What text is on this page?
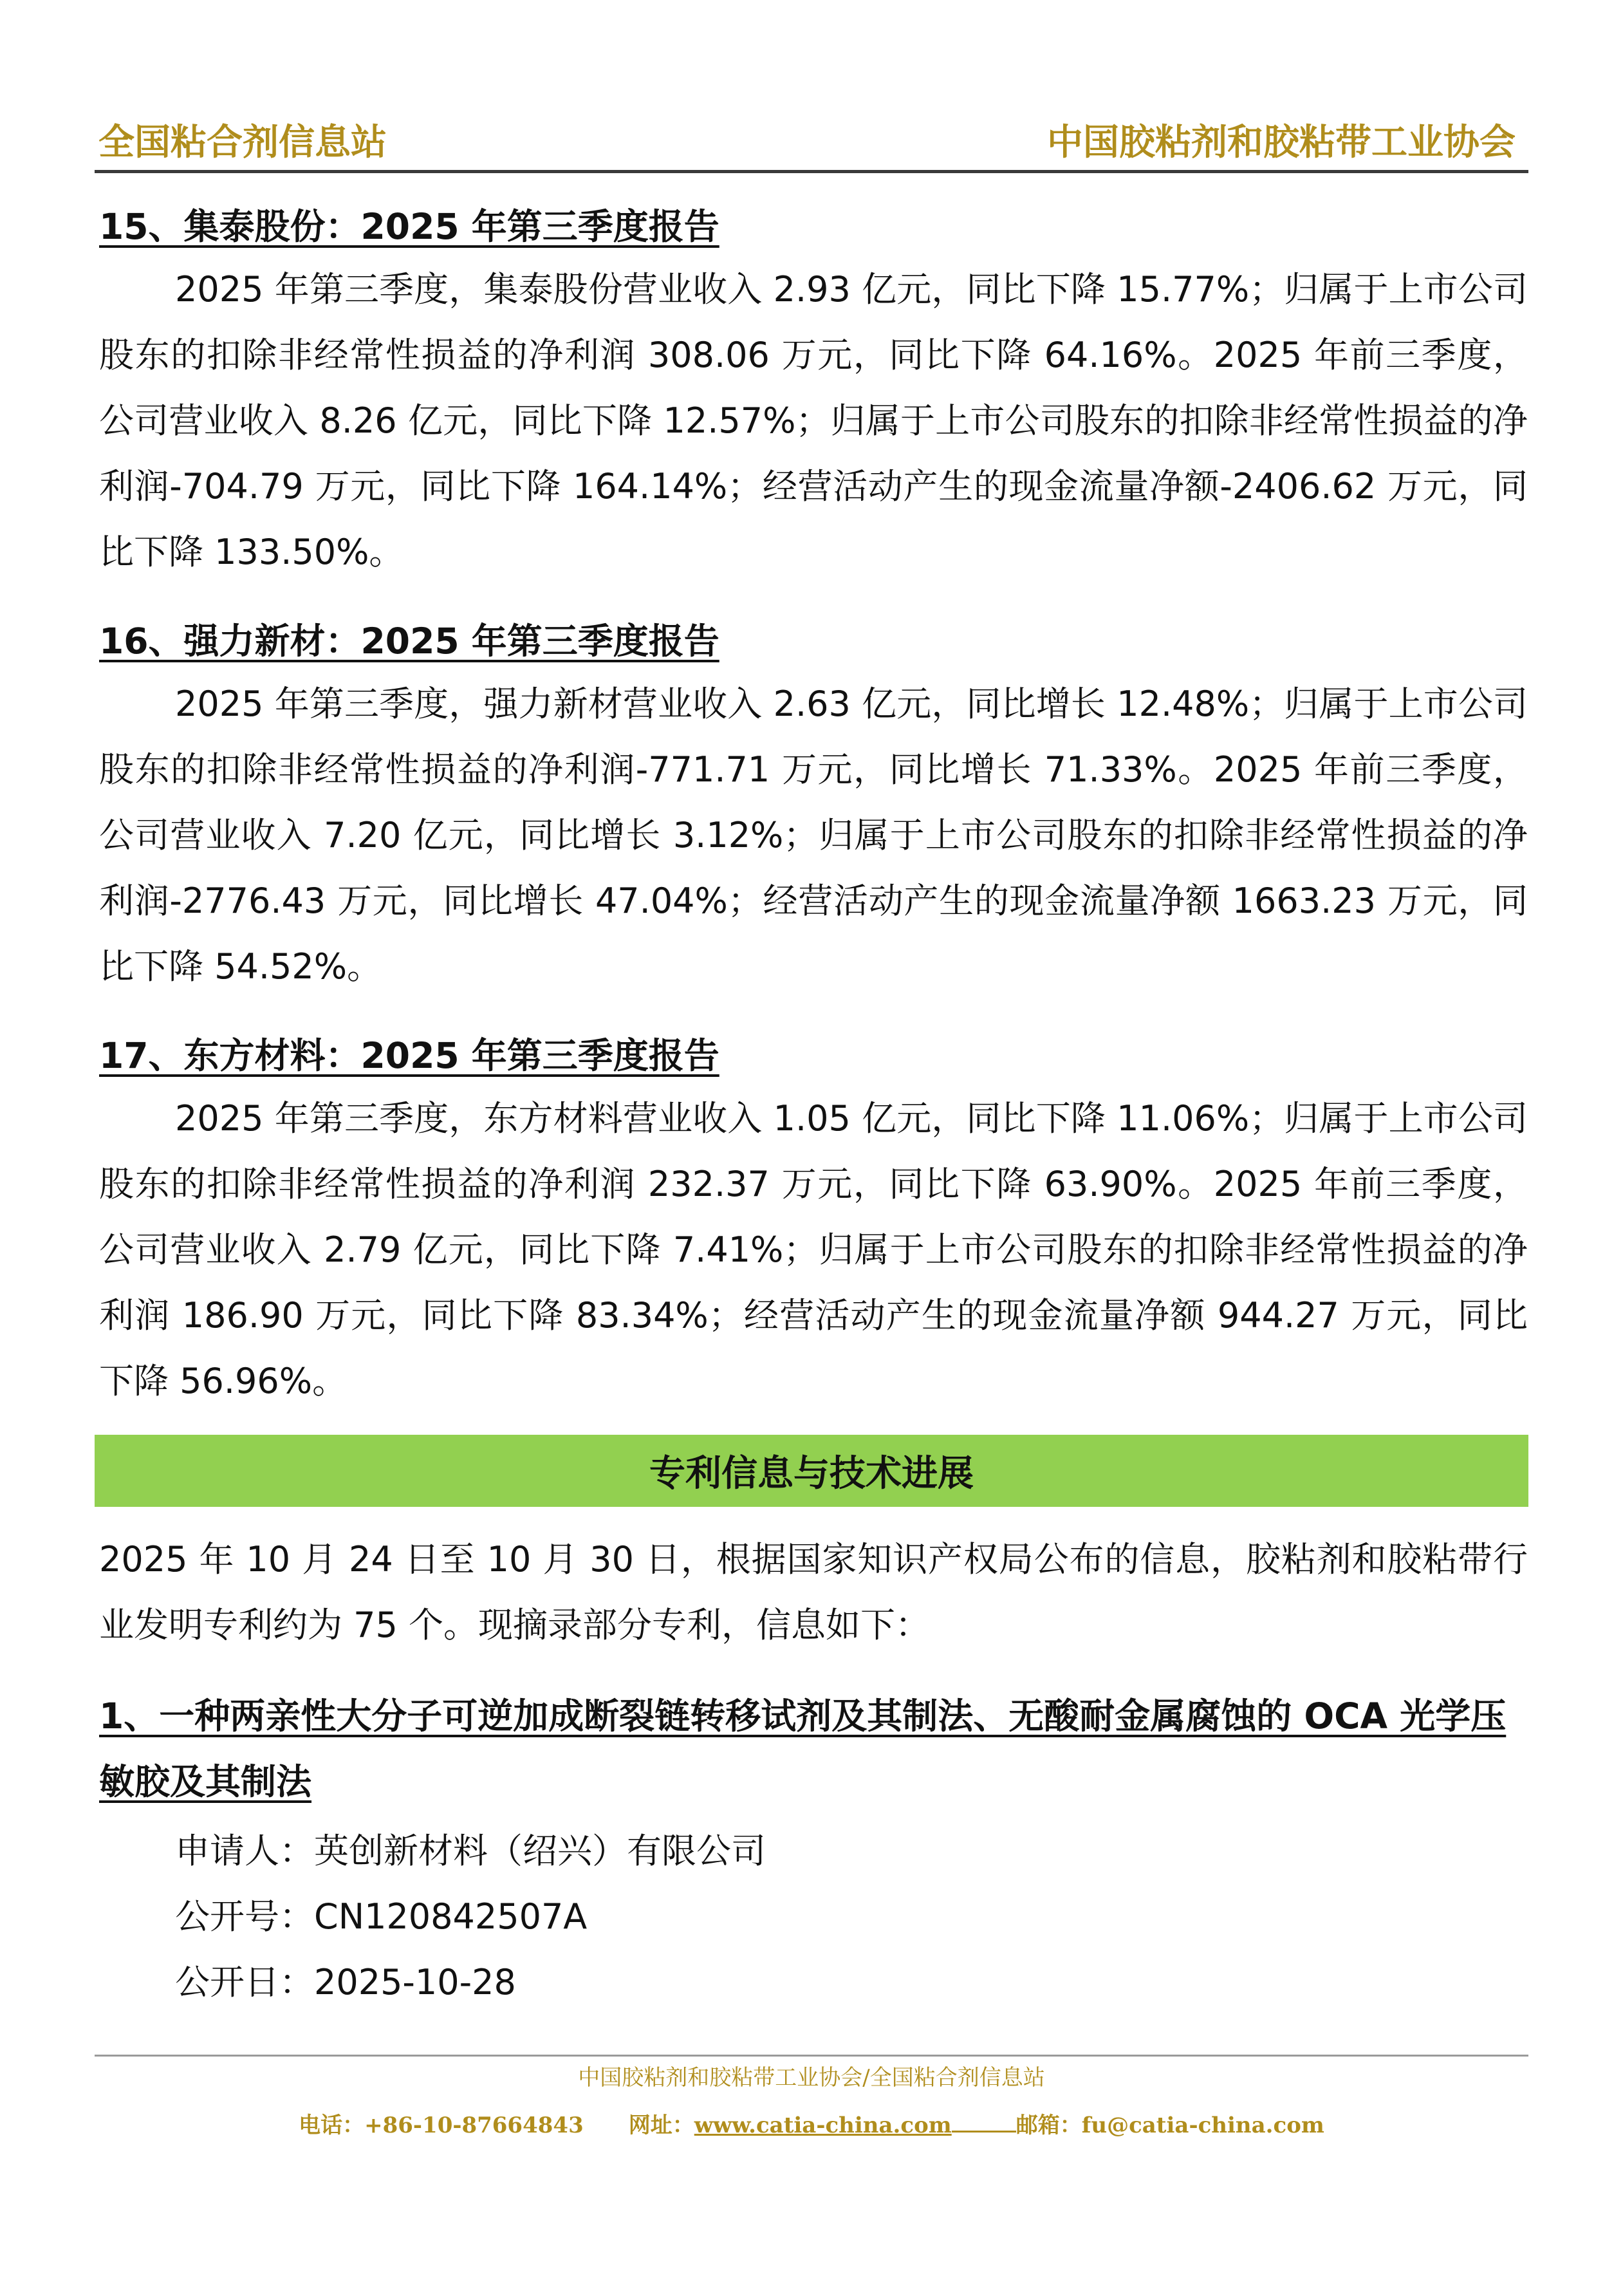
全国粘合剂信息站	中国胶粘剂和胶粘带工业协会
15、集泰股份：2025 年第三季度报告
2025 年第三季度，集泰股份营业收入 2.93 亿元，同比下降 15.77%；归属于上市公司股东的扣除非经常性损益的净利润 308.06 万元，同比下降 64.16%。2025 年前三季度，公司营业收入 8.26 亿元，同比下降 12.57%；归属于上市公司股东的扣除非经常性损益的净利润-704.79 万元，同比下降 164.14%；经营活动产生的现金流量净额-2406.62 万元，同比下降 133.50%。
16、强力新材：2025 年第三季度报告
2025 年第三季度，强力新材营业收入 2.63 亿元，同比增长 12.48%；归属于上市公司股东的扣除非经常性损益的净利润-771.71 万元，同比增长 71.33%。2025 年前三季度，公司营业收入 7.20 亿元，同比增长 3.12%；归属于上市公司股东的扣除非经常性损益的净利润-2776.43 万元，同比增长 47.04%；经营活动产生的现金流量净额 1663.23 万元，同比下降 54.52%。
17、东方材料：2025 年第三季度报告
2025 年第三季度，东方材料营业收入 1.05 亿元，同比下降 11.06%；归属于上市公司股东的扣除非经常性损益的净利润 232.37 万元，同比下降 63.90%。2025 年前三季度，公司营业收入 2.79 亿元，同比下降 7.41%；归属于上市公司股东的扣除非经常性损益的净利润 186.90 万元，同比下降 83.34%；经营活动产生的现金流量净额 944.27 万元，同比下降 56.96%。
专利信息与技术进展
2025 年 10 月 24 日至 10 月 30 日，根据国家知识产权局公布的信息，胶粘剂和胶粘带行业发明专利约为 75 个。现摘录部分专利，信息如下：
1、一种两亲性大分子可逆加成断裂链转移试剂及其制法、无酸耐金属腐蚀的 OCA 光学压敏胶及其制法
申请人：英创新材料（绍兴）有限公司
公开号：CN120842507A
公开日：2025-10-28
中国胶粘剂和胶粘带工业协会/全国粘合剂信息站
电话：+86-10-87664843 网址：www.catia-china.com	邮箱：fu@catia-china.com
